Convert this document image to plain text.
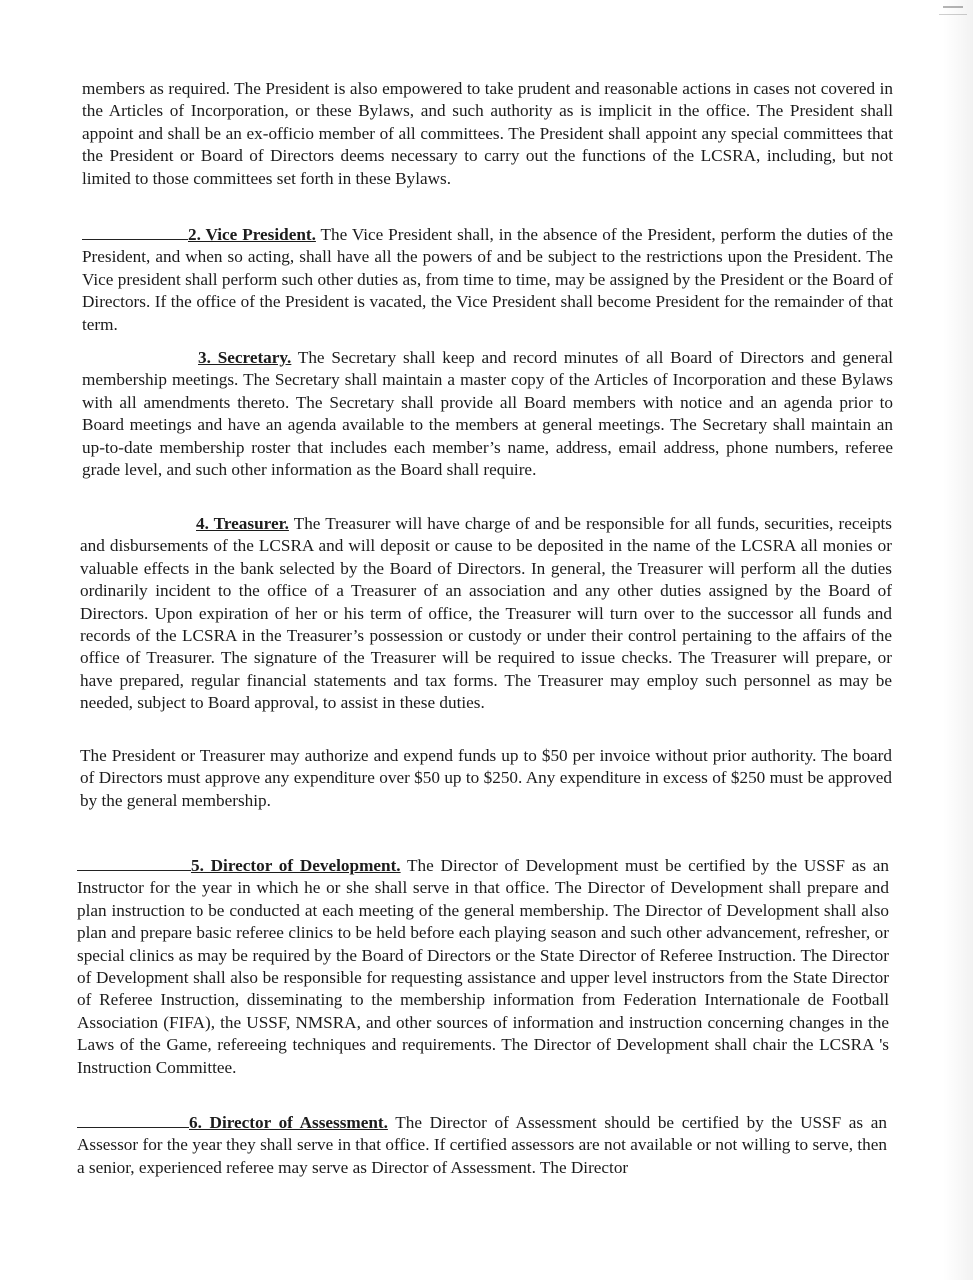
members as required. The President is also empowered to take prudent and reasonable actions in cases not covered in the Articles of Incorporation, or these Bylaws, and such authority as is implicit in the office. The President shall appoint and shall be an ex-officio member of all committees. The President shall appoint any special committees that the President or Board of Directors deems necessary to carry out the functions of the LCSRA, including, but not limited to those committees set forth in these Bylaws.

2. Vice President. The Vice President shall, in the absence of the President, perform the duties of the President, and when so acting, shall have all the powers of and be subject to the restrictions upon the President. The Vice president shall perform such other duties as, from time to time, may be assigned by the President or the Board of Directors. If the office of the President is vacated, the Vice President shall become President for the remainder of that term.

3. Secretary. The Secretary shall keep and record minutes of all Board of Directors and general membership meetings. The Secretary shall maintain a master copy of the Articles of Incorporation and these Bylaws with all amendments thereto. The Secretary shall provide all Board members with notice and an agenda prior to Board meetings and have an agenda available to the members at general meetings. The Secretary shall maintain an up-to-date membership roster that includes each member’s name, address, email address, phone numbers, referee grade level, and such other information as the Board shall require.

4. Treasurer. The Treasurer will have charge of and be responsible for all funds, securities, receipts and disbursements of the LCSRA and will deposit or cause to be deposited in the name of the LCSRA all monies or valuable effects in the bank selected by the Board of Directors. In general, the Treasurer will perform all the duties ordinarily incident to the office of a Treasurer of an association and any other duties assigned by the Board of Directors. Upon expiration of her or his term of office, the Treasurer will turn over to the successor all funds and records of the LCSRA in the Treasurer’s possession or custody or under their control pertaining to the affairs of the office of Treasurer. The signature of the Treasurer will be required to issue checks. The Treasurer will prepare, or have prepared, regular financial statements and tax forms. The Treasurer may employ such personnel as may be needed, subject to Board approval, to assist in these duties.

The President or Treasurer may authorize and expend funds up to $50 per invoice without prior authority. The board of Directors must approve any expenditure over $50 up to $250. Any expenditure in excess of $250 must be approved by the general membership.

5. Director of Development. The Director of Development must be certified by the USSF as an Instructor for the year in which he or she shall serve in that office. The Director of Development shall prepare and plan instruction to be conducted at each meeting of the general membership. The Director of Development shall also plan and prepare basic referee clinics to be held before each playing season and such other advancement, refresher, or special clinics as may be required by the Board of Directors or the State Director of Referee Instruction. The Director of Development shall also be responsible for requesting assistance and upper level instructors from the State Director of Referee Instruction, disseminating to the membership information from Federation Internationale de Football Association (FIFA), the USSF, NMSRA, and other sources of information and instruction concerning changes in the Laws of the Game, refereeing techniques and requirements. The Director of Development shall chair the LCSRA 's Instruction Committee.

6. Director of Assessment. The Director of Assessment should be certified by the USSF as an Assessor for the year they shall serve in that office. If certified assessors are not available or not willing to serve, then a senior, experienced referee may serve as Director of Assessment. The Director
